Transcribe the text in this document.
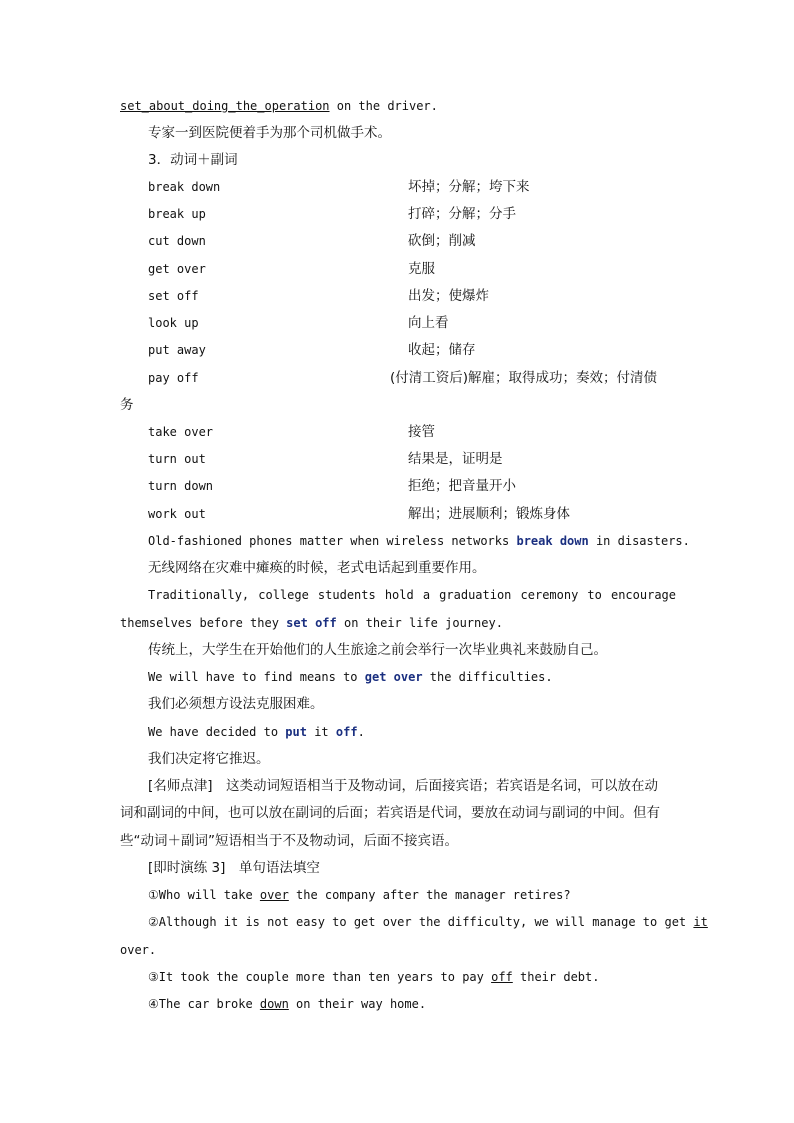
set_about_doing_the_operation on the driver.
专家一到医院便着手为那个司机做手术。
3．动词＋副词
break down	坏掉；分解；垮下来
break up	打碎；分解；分手
cut down	砍倒；削减
get over	克服
set off	出发；使爆炸
look up	向上看
put away	收起；储存
pay off	(付清工资后)解雇；取得成功；奏效；付清债
务
take over	接管
turn out	结果是，证明是
turn down	拒绝；把音量开小
work out	解出；进展顺利；锻炼身体
Old-fashioned phones matter when wireless networks break down in disasters.
无线网络在灾难中瘫痪的时候，老式电话起到重要作用。
Traditionally, college students hold a graduation ceremony to encourage
themselves before they set off on their life journey.
传统上，大学生在开始他们的人生旅途之前会举行一次毕业典礼来鼓励自己。
We will have to find means to get over the difficulties.
我们必须想方设法克服困难。
We have decided to put it off.
我们决定将它推迟。
[名师点津]　这类动词短语相当于及物动词，后面接宾语；若宾语是名词，可以放在动
词和副词的中间，也可以放在副词的后面；若宾语是代词，要放在动词与副词的中间。但有
些“动词＋副词”短语相当于不及物动词，后面不接宾语。
[即时演练 3]　单句语法填空
①Who will take over the company after the manager retires?
②Although it is not easy to get over the difficulty, we will manage to get it
over.
③It took the couple more than ten years to pay off their debt.
④The car broke down on their way home.
